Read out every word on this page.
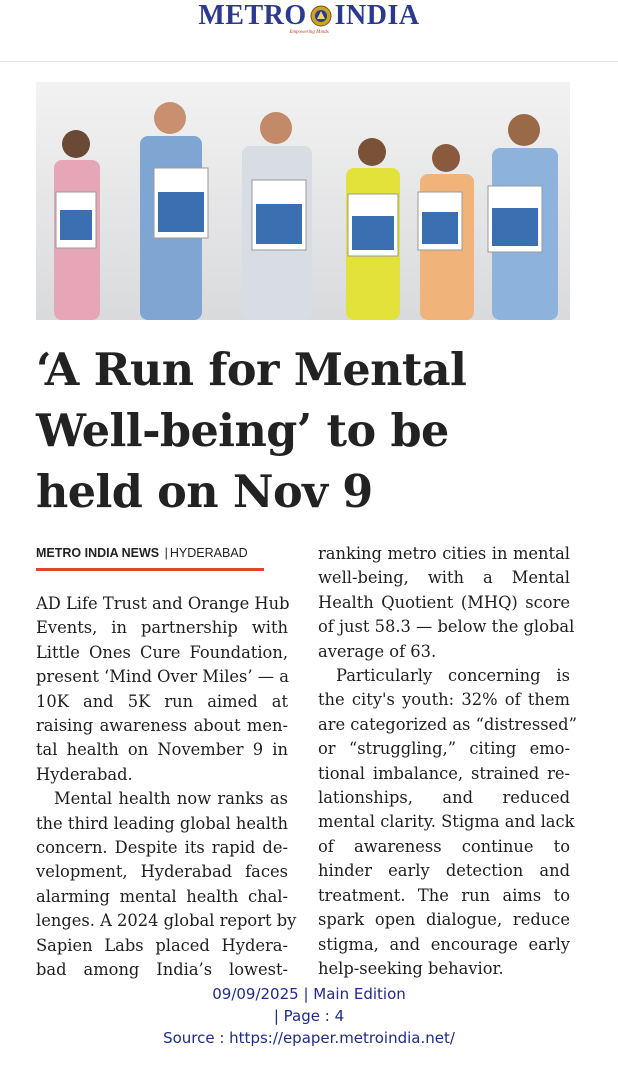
METRO INDIA
Empowering Minds
‘A Run for Mental
Well-being’ to be
held on Nov 9
METRO INDIA NEWS | HYDERABAD
AD Life Trust and Orange Hub
Events, in partnership with
Little Ones Cure Foundation,
present ‘Mind Over Miles’ — a
10K and 5K run aimed at
raising awareness about men-
tal health on November 9 in
Hyderabad.
Mental health now ranks as
the third leading global health
concern. Despite its rapid de-
velopment, Hyderabad faces
alarming mental health chal-
lenges. A 2024 global report by
Sapien Labs placed Hydera-
bad among India’s lowest-
ranking metro cities in mental
well-being, with a Mental
Health Quotient (MHQ) score
of just 58.3 — below the global
average of 63.
Particularly concerning is
the city's youth: 32% of them
are categorized as “distressed”
or “struggling,” citing emo-
tional imbalance, strained re-
lationships, and reduced
mental clarity. Stigma and lack
of awareness continue to
hinder early detection and
treatment. The run aims to
spark open dialogue, reduce
stigma, and encourage early
help-seeking behavior.
09/09/2025 | Main Edition
| Page : 4
Source : https://epaper.metroindia.net/
